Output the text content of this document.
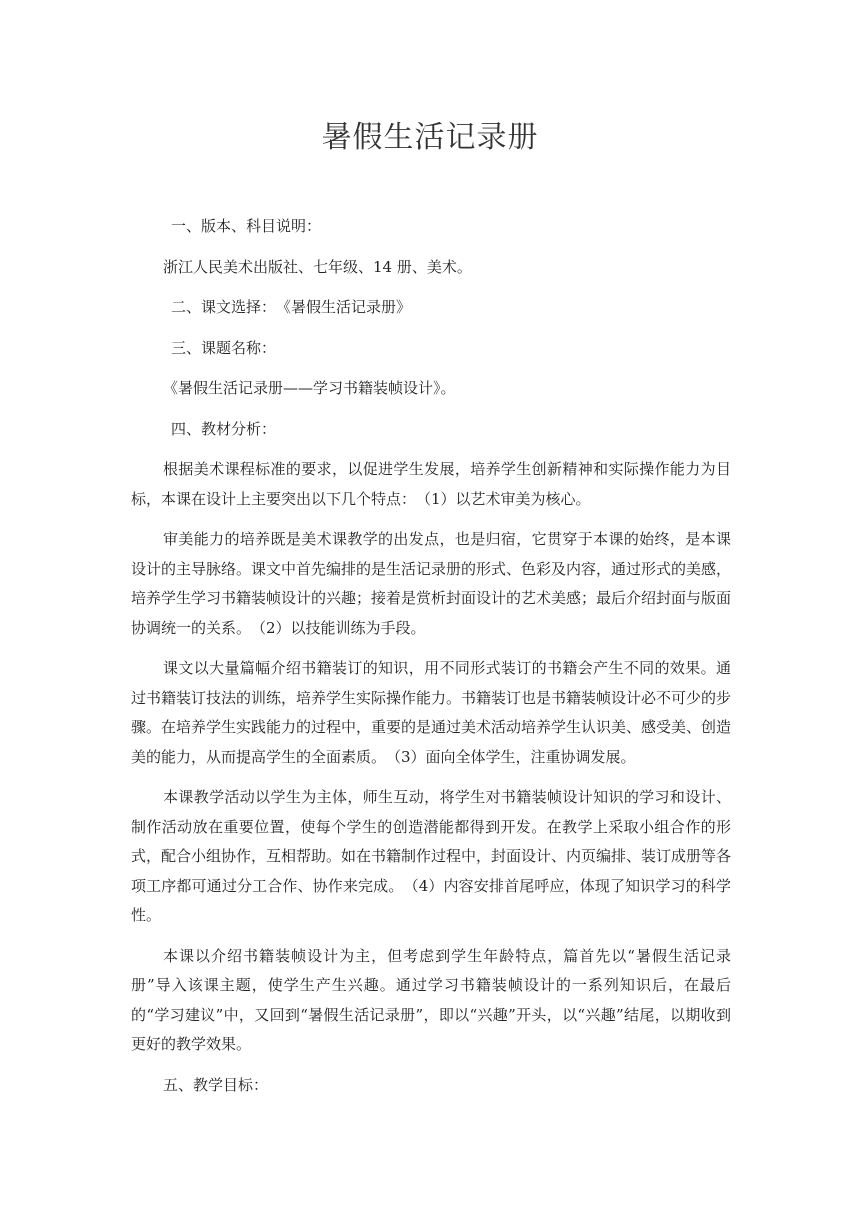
暑假生活记录册

一、版本、科目说明：

浙江人民美术出版社、七年级、14 册、美术。

二、课文选择：　《暑假生活记录册》

三、课题名称：

《暑假生活记录册——学习书籍装帧设计》。

四、教材分析：

根据美术课程标准的要求，以促进学生发展，培养学生创新精神和实际操作能力为目标，本课在设计上主要突出以下几个特点：　（1）以艺术审美为核心。

审美能力的培养既是美术课教学的出发点，也是归宿，它贯穿于本课的始终，是本课设计的主导脉络。课文中首先编排的是生活记录册的形式、色彩及内容，通过形式的美感，培养学生学习书籍装帧设计的兴趣；接着是赏析封面设计的艺术美感；最后介绍封面与版面协调统一的关系。　（2）以技能训练为手段。

课文以大量篇幅介绍书籍装订的知识，用不同形式装订的书籍会产生不同的效果。通过书籍装订技法的训练，培养学生实际操作能力。书籍装订也是书籍装帧设计必不可少的步骤。在培养学生实践能力的过程中，重要的是通过美术活动培养学生认识美、感受美、创造美的能力，从而提高学生的全面素质。　（3）面向全体学生，注重协调发展。

本课教学活动以学生为主体，师生互动，将学生对书籍装帧设计知识的学习和设计、制作活动放在重要位置，使每个学生的创造潜能都得到开发。在教学上采取小组合作的形式，配合小组协作，互相帮助。如在书籍制作过程中，封面设计、内页编排、装订成册等各项工序都可通过分工合作、协作来完成。　（4）内容安排首尾呼应，体现了知识学习的科学性。

本课以介绍书籍装帧设计为主，但考虑到学生年龄特点，篇首先以“暑假生活记录册”导入该课主题，使学生产生兴趣。通过学习书籍装帧设计的一系列知识后，在最后的“学习建议”中，又回到“暑假生活记录册”，即以“兴趣”开头，以“兴趣”结尾，以期收到更好的教学效果。

五、教学目标：
